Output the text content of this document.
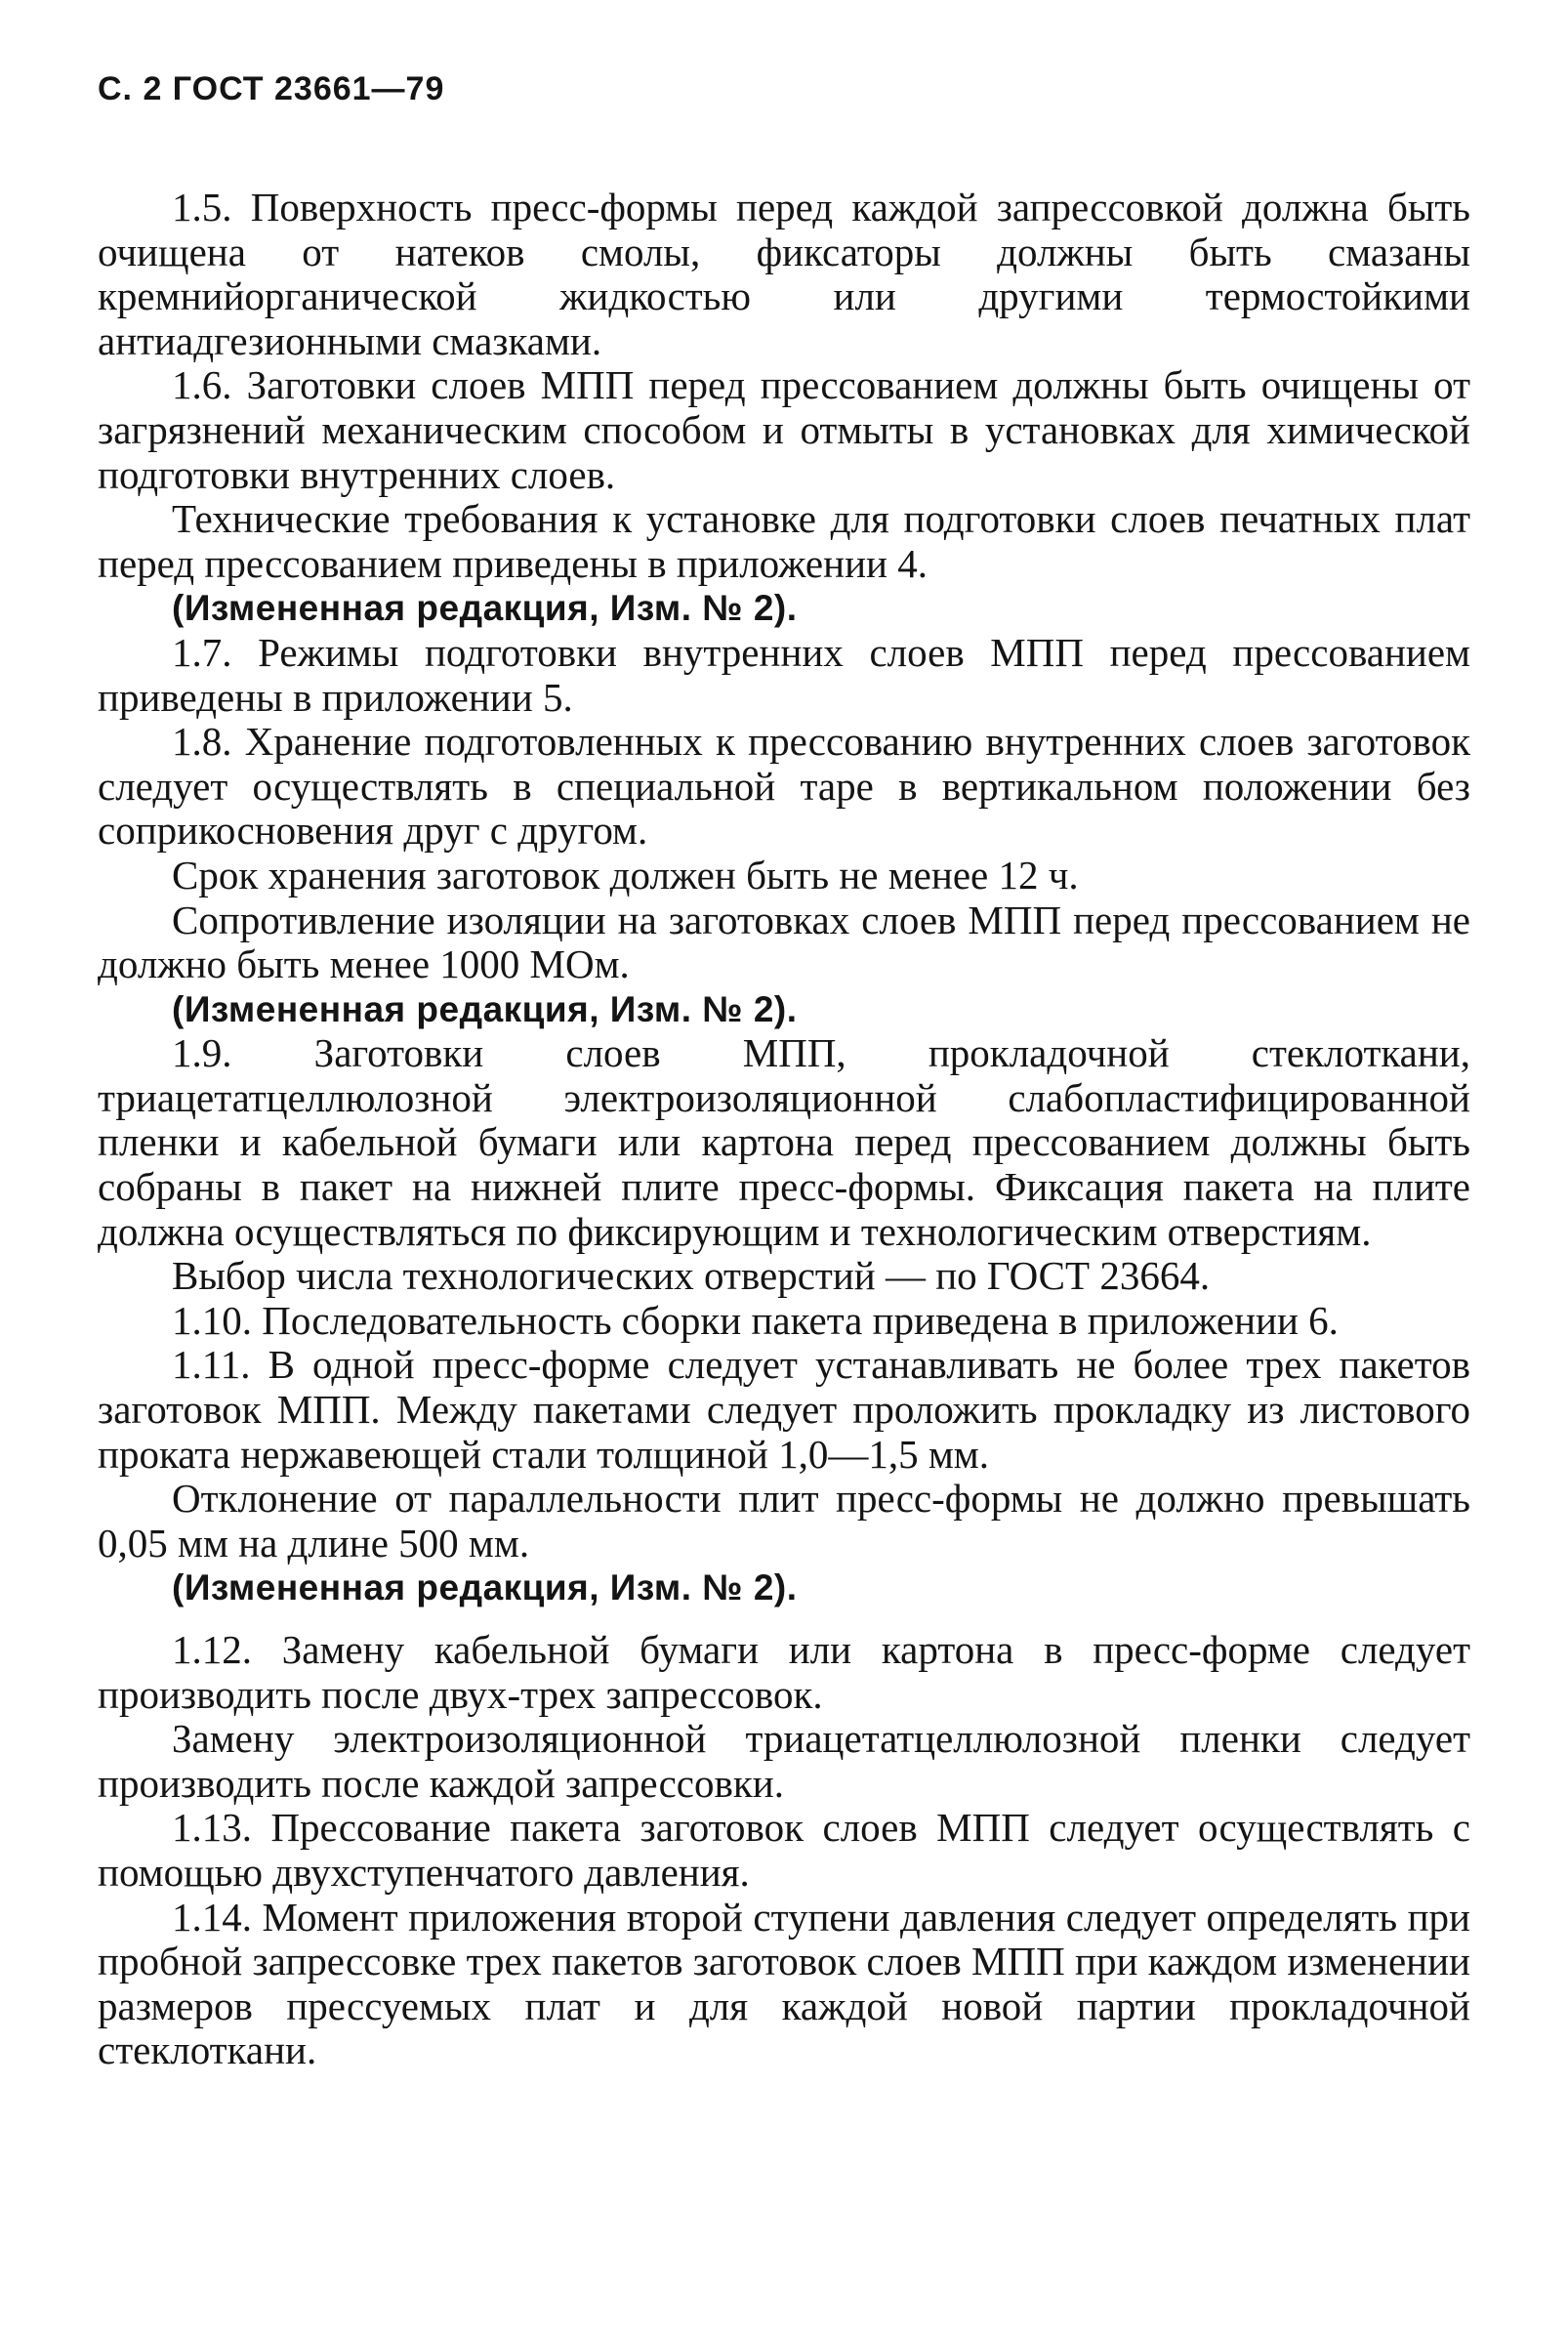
С. 2 ГОСТ 23661—79

1.5. Поверхность пресс-формы перед каждой запрессовкой должна быть очищена от натеков смолы, фиксаторы должны быть смазаны кремнийорганической жидкостью или другими термостойкими антиадгезионными смазками.

1.6. Заготовки слоев МПП перед прессованием должны быть очищены от загрязнений механическим способом и отмыты в установках для химической подготовки внутренних слоев.

Технические требования к установке для подготовки слоев печатных плат перед прессованием приведены в приложении 4.

(Измененная редакция, Изм. № 2).

1.7. Режимы подготовки внутренних слоев МПП перед прессованием приведены в приложении 5.

1.8. Хранение подготовленных к прессованию внутренних слоев заготовок следует осуществлять в специальной таре в вертикальном положении без соприкосновения друг с другом.

Срок хранения заготовок должен быть не менее 12 ч.

Сопротивление изоляции на заготовках слоев МПП перед прессованием не должно быть менее 1000 МОм.

(Измененная редакция, Изм. № 2).

1.9. Заготовки слоев МПП, прокладочной стеклоткани, триацетатцеллюлозной электроизоляционной слабопластифицированной пленки и кабельной бумаги или картона перед прессованием должны быть собраны в пакет на нижней плите пресс-формы. Фиксация пакета на плите должна осуществляться по фиксирующим и технологическим отверстиям.

Выбор числа технологических отверстий — по ГОСТ 23664.

1.10. Последовательность сборки пакета приведена в приложении 6.

1.11. В одной пресс-форме следует устанавливать не более трех пакетов заготовок МПП. Между пакетами следует проложить прокладку из листового проката нержавеющей стали толщиной 1,0—1,5 мм.

Отклонение от параллельности плит пресс-формы не должно превышать 0,05 мм на длине 500 мм.

(Измененная редакция, Изм. № 2).

1.12. Замену кабельной бумаги или картона в пресс-форме следует производить после двух-трех запрессовок.

Замену электроизоляционной триацетатцеллюлозной пленки следует производить после каждой запрессовки.

1.13. Прессование пакета заготовок слоев МПП следует осуществлять с помощью двухступенчатого давления.

1.14. Момент приложения второй ступени давления следует определять при пробной запрессовке трех пакетов заготовок слоев МПП при каждом изменении размеров прессуемых плат и для каждой новой партии прокладочной стеклоткани.
